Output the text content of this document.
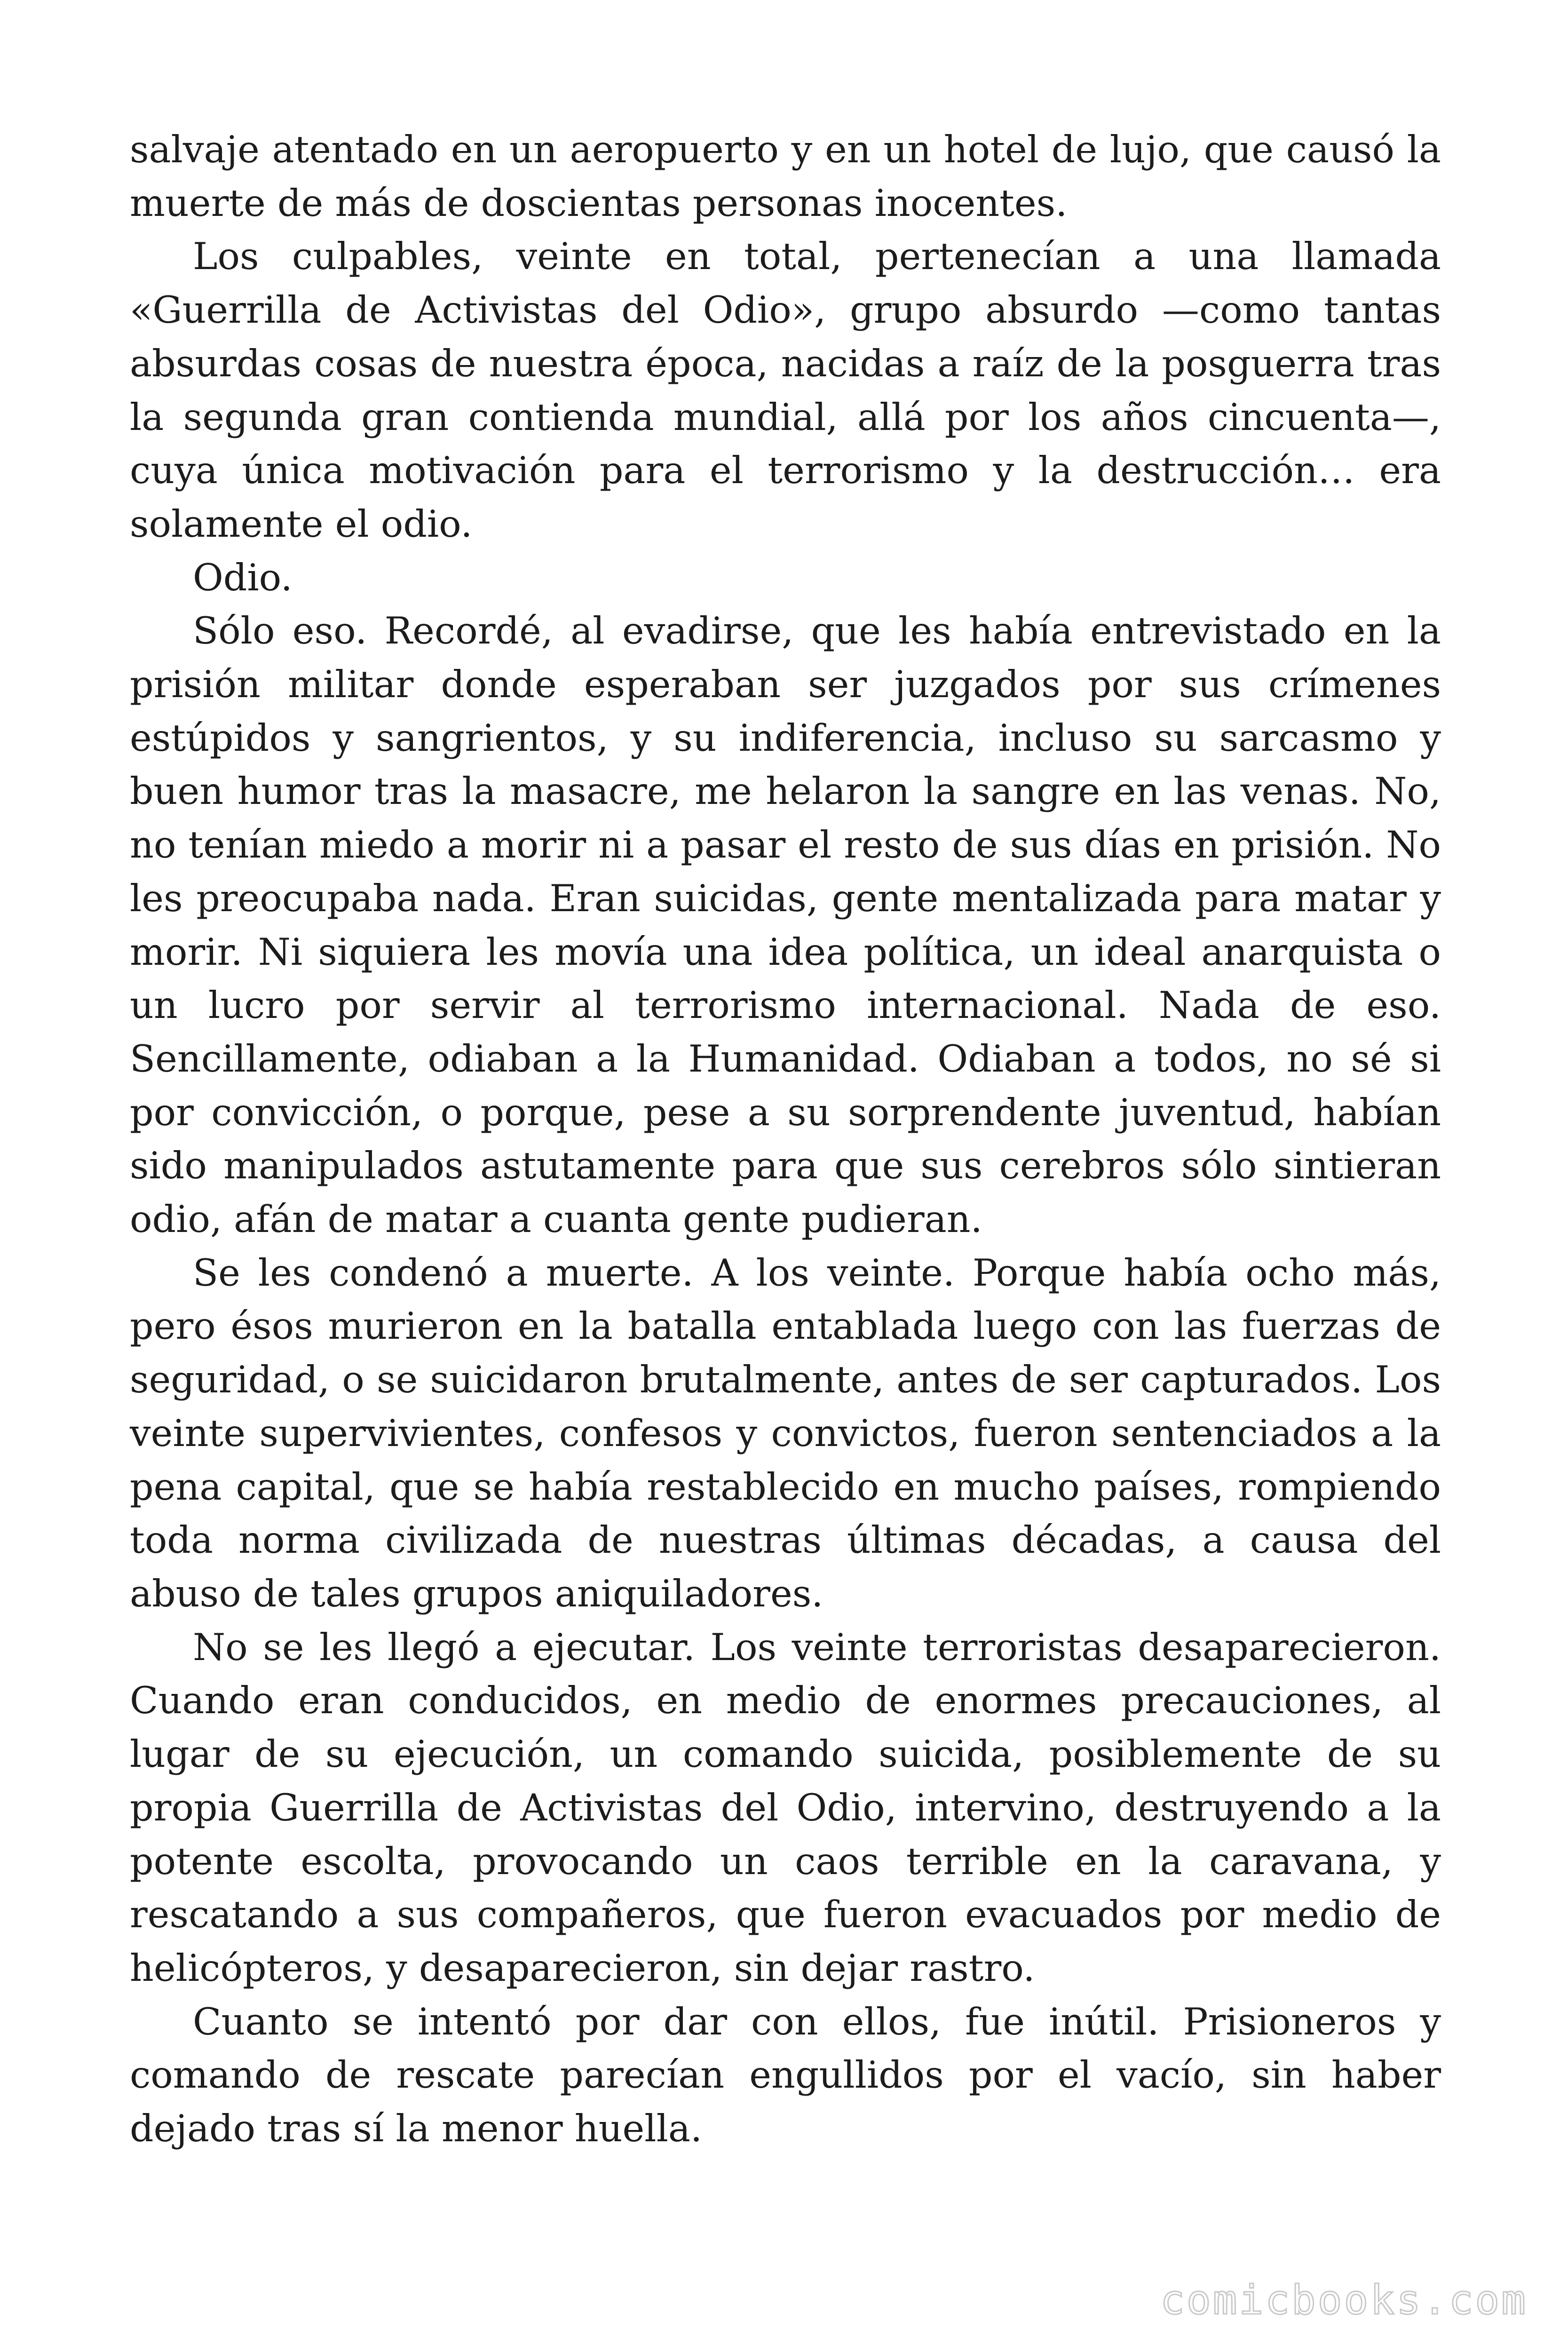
salvaje atentado en un aeropuerto y en un hotel de lujo, que causó la muerte de más de doscientas personas inocentes.

Los culpables, veinte en total, pertenecían a una llamada «Guerrilla de Activistas del Odio», grupo absurdo —como tantas absurdas cosas de nuestra época, nacidas a raíz de la posguerra tras la segunda gran contienda mundial, allá por los años cincuenta—, cuya única motivación para el terrorismo y la destrucción… era solamente el odio.

Odio.

Sólo eso. Recordé, al evadirse, que les había entrevistado en la prisión militar donde esperaban ser juzgados por sus crímenes estúpidos y sangrientos, y su indiferencia, incluso su sarcasmo y buen humor tras la masacre, me helaron la sangre en las venas. No, no tenían miedo a morir ni a pasar el resto de sus días en prisión. No les preocupaba nada. Eran suicidas, gente mentalizada para matar y morir. Ni siquiera les movía una idea política, un ideal anarquista o un lucro por servir al terrorismo internacional. Nada de eso. Sencillamente, odiaban a la Humanidad. Odiaban a todos, no sé si por convicción, o porque, pese a su sorprendente juventud, habían sido manipulados astutamente para que sus cerebros sólo sintieran odio, afán de matar a cuanta gente pudieran.

Se les condenó a muerte. A los veinte. Porque había ocho más, pero ésos murieron en la batalla entablada luego con las fuerzas de seguridad, o se suicidaron brutalmente, antes de ser capturados. Los veinte supervivientes, confesos y convictos, fueron sentenciados a la pena capital, que se había restablecido en mucho países, rompiendo toda norma civilizada de nuestras últimas décadas, a causa del abuso de tales grupos aniquiladores.

No se les llegó a ejecutar. Los veinte terroristas desaparecieron. Cuando eran conducidos, en medio de enormes precauciones, al lugar de su ejecución, un comando suicida, posiblemente de su propia Guerrilla de Activistas del Odio, intervino, destruyendo a la potente escolta, provocando un caos terrible en la caravana, y rescatando a sus compañeros, que fueron evacuados por medio de helicópteros, y desaparecieron, sin dejar rastro.

Cuanto se intentó por dar con ellos, fue inútil. Prisioneros y comando de rescate parecían engullidos por el vacío, sin haber dejado tras sí la menor huella.

comicbooks.com
